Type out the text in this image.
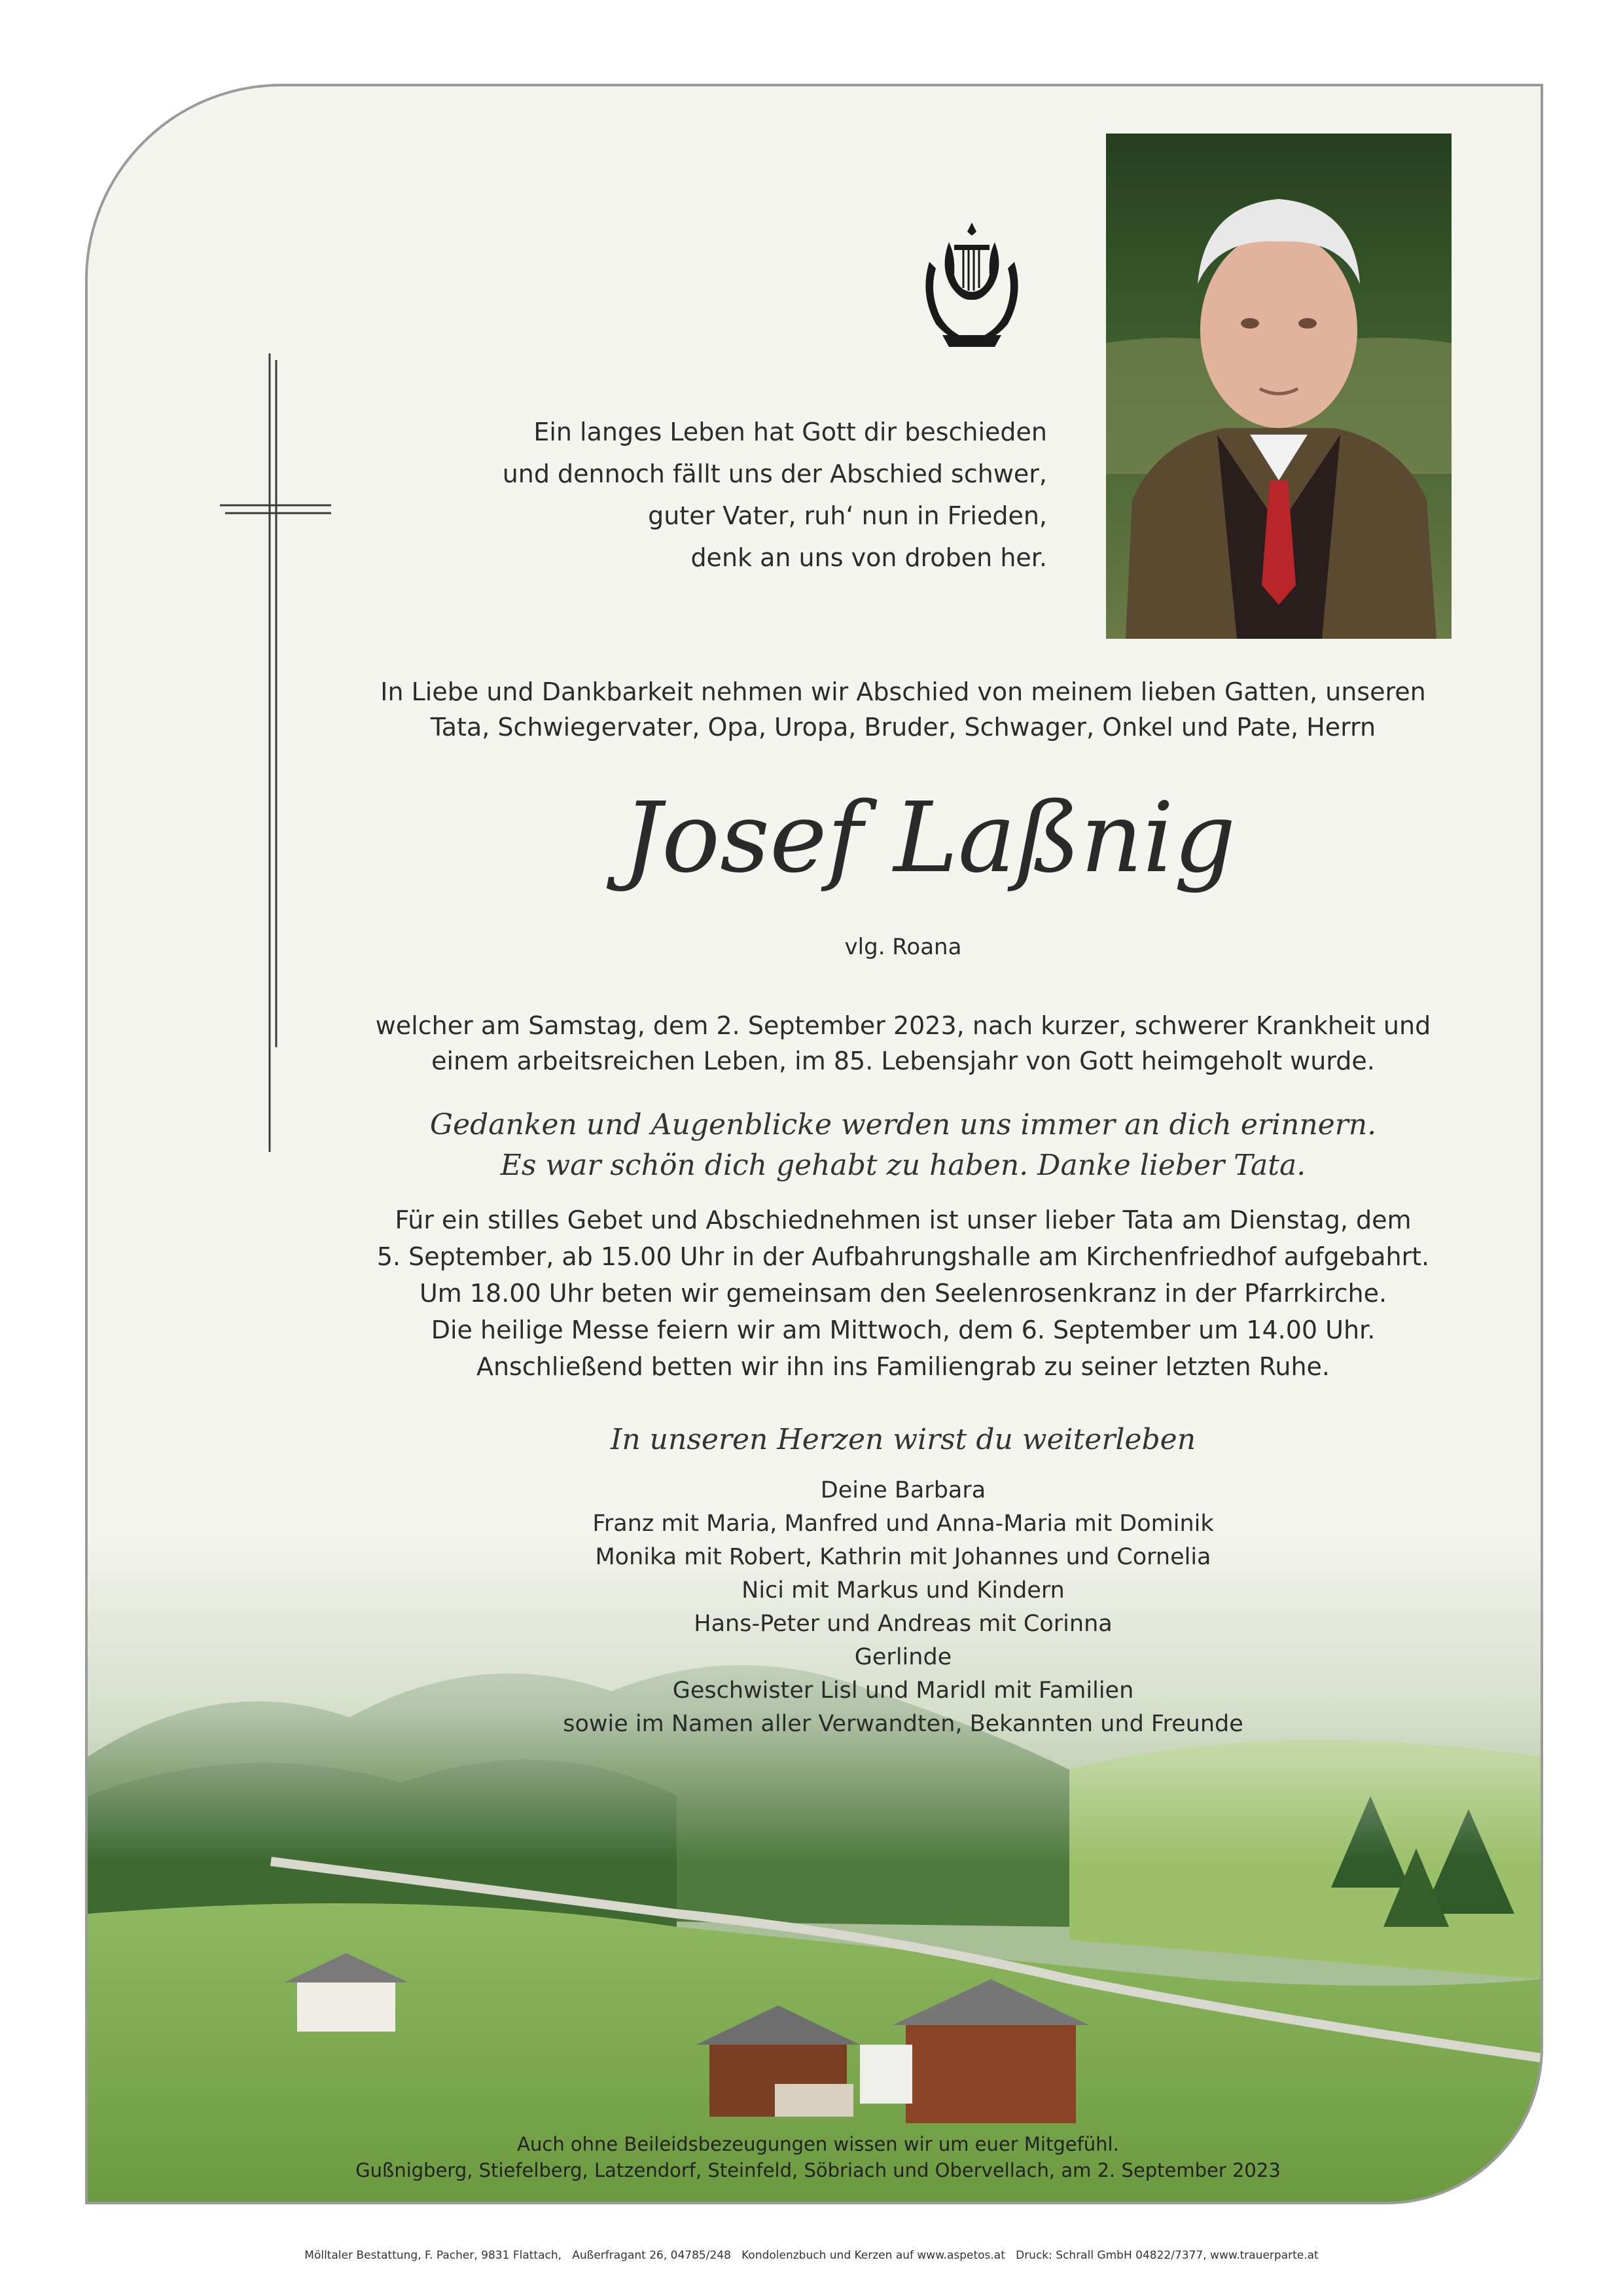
Ein langes Leben hat Gott dir beschieden
und dennoch fällt uns der Abschied schwer,
guter Vater, ruh‘ nun in Frieden,
denk an uns von droben her.
In Liebe und Dankbarkeit nehmen wir Abschied von meinem lieben Gatten, unseren
Tata, Schwiegervater, Opa, Uropa, Bruder, Schwager, Onkel und Pate, Herrn
Josef Laßnig
vlg. Roana
welcher am Samstag, dem 2. September 2023, nach kurzer, schwerer Krankheit und
einem arbeitsreichen Leben, im 85. Lebensjahr von Gott heimgeholt wurde.
Gedanken und Augenblicke werden uns immer an dich erinnern.
Es war schön dich gehabt zu haben. Danke lieber Tata.
Für ein stilles Gebet und Abschiednehmen ist unser lieber Tata am Dienstag, dem
5. September, ab 15.00 Uhr in der Aufbahrungshalle am Kirchenfriedhof aufgebahrt.
Um 18.00 Uhr beten wir gemeinsam den Seelenrosenkranz in der Pfarrkirche.
Die heilige Messe feiern wir am Mittwoch, dem 6. September um 14.00 Uhr.
Anschließend betten wir ihn ins Familiengrab zu seiner letzten Ruhe.
In unseren Herzen wirst du weiterleben
Deine Barbara
Franz mit Maria, Manfred und Anna-Maria mit Dominik
Monika mit Robert, Kathrin mit Johannes und Cornelia
Nici mit Markus und Kindern
Hans-Peter und Andreas mit Corinna
Gerlinde
Geschwister Lisl und Maridl mit Familien
sowie im Namen aller Verwandten, Bekannten und Freunde
Auch ohne Beileidsbezeugungen wissen wir um euer Mitgefühl.
Gußnigberg, Stiefelberg, Latzendorf, Steinfeld, Söbriach und Obervellach, am 2. September 2023
Mölltaler Bestattung, F. Pacher, 9831 Flattach,   Außerfragant 26, 04785/248   Kondolenzbuch und Kerzen auf www.aspetos.at   Druck: Schrall GmbH 04822/7377, www.trauerparte.at
